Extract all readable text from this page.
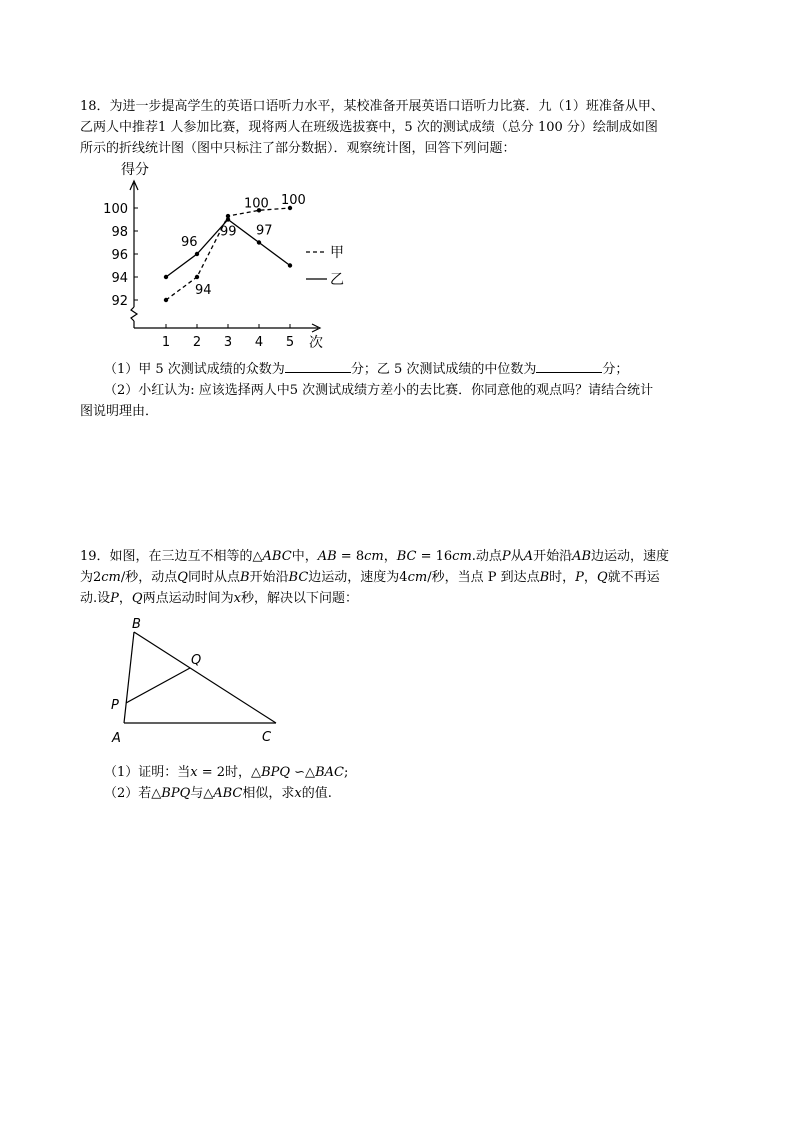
18．为进一步提高学生的英语口语听力水平，某校准备开展英语口语听力比赛．九（1）班准备从甲、
乙两人中推荐1 人参加比赛，现将两人在班级选拔赛中，5 次的测试成绩（总分 100 分）绘制成如图
所示的折线统计图（图中只标注了部分数据）．观察统计图，回答下列问题：
得分
次
92
94
96
98
100
1 2 3 4 5
96
94
99
100
97
100
甲
乙
（1）甲 5 次测试成绩的众数为	分；乙 5 次测试成绩的中位数为	分；
（2）小红认为: 应该选择两人中5 次测试成绩方差小的去比赛．你同意他的观点吗？请结合统计
图说明理由．
19．如图，在三边互不相等的△ABC中，AB = 8cm，BC = 16cm.动点P从A开始沿AB边运动，速度
为2cm/秒，动点Q同时从点B开始沿BC边运动，速度为4cm/秒，当点 P 到达点B时，P，Q就不再运
动.设P，Q两点运动时间为x秒，解决以下问题：
B
Q
P
A	C
（1）证明：当x = 2时，△BPQ ∽△BAC;
（2）若△BPQ与△ABC相似，求x的值.
